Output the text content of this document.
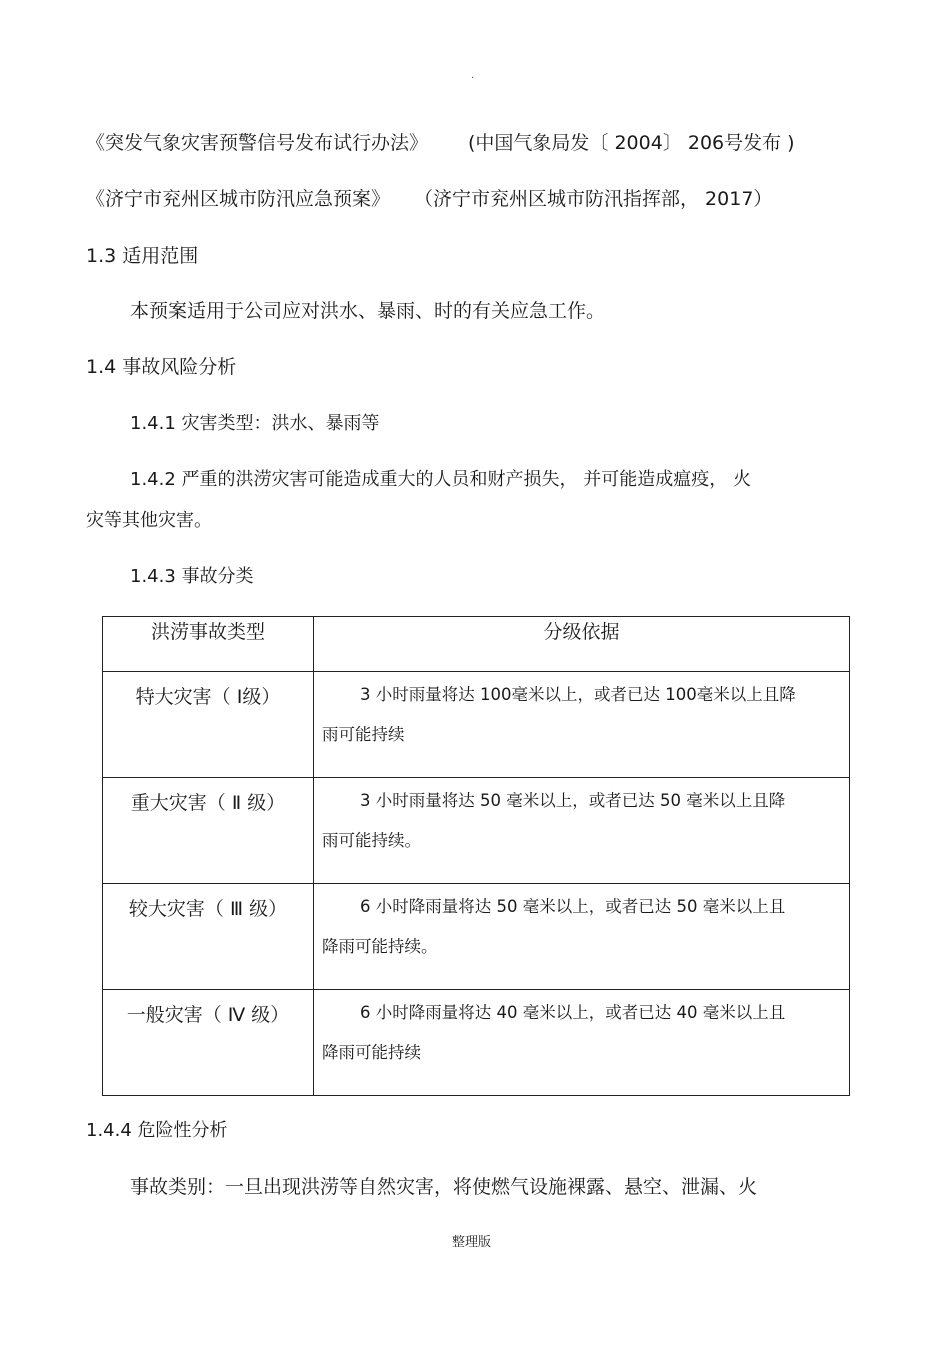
.
《突发气象灾害预警信号发布试行办法》 (中国气象局发〔 2004〕 206号发布 )
《济宁市兖州区城市防汛应急预案》 （济宁市兖州区城市防汛指挥部， 2017）
1.3 适用范围
本预案适用于公司应对洪水、暴雨、时的有关应急工作。
1.4 事故风险分析
1.4.1 灾害类型：洪水、暴雨等
1.4.2 严重的洪涝灾害可能造成重大的人员和财产损失， 并可能造成瘟疫， 火
灾等其他灾害。
1.4.3 事故分类
洪涝事故类型	分级依据
特大灾害（ Ⅰ级）	3 小时雨量将达 100毫米以上，或者已达 100毫米以上且降
雨可能持续
重大灾害（ Ⅱ 级）	3 小时雨量将达 50 毫米以上，或者已达 50 毫米以上且降
雨可能持续。
较大灾害（ Ⅲ 级）	6 小时降雨量将达 50 毫米以上，或者已达 50 毫米以上且
降雨可能持续。
一般灾害（ Ⅳ 级）	6 小时降雨量将达 40 毫米以上，或者已达 40 毫米以上且
降雨可能持续
1.4.4 危险性分析
事故类别：一旦出现洪涝等自然灾害，将使燃气设施裸露、悬空、泄漏、火
整理版
